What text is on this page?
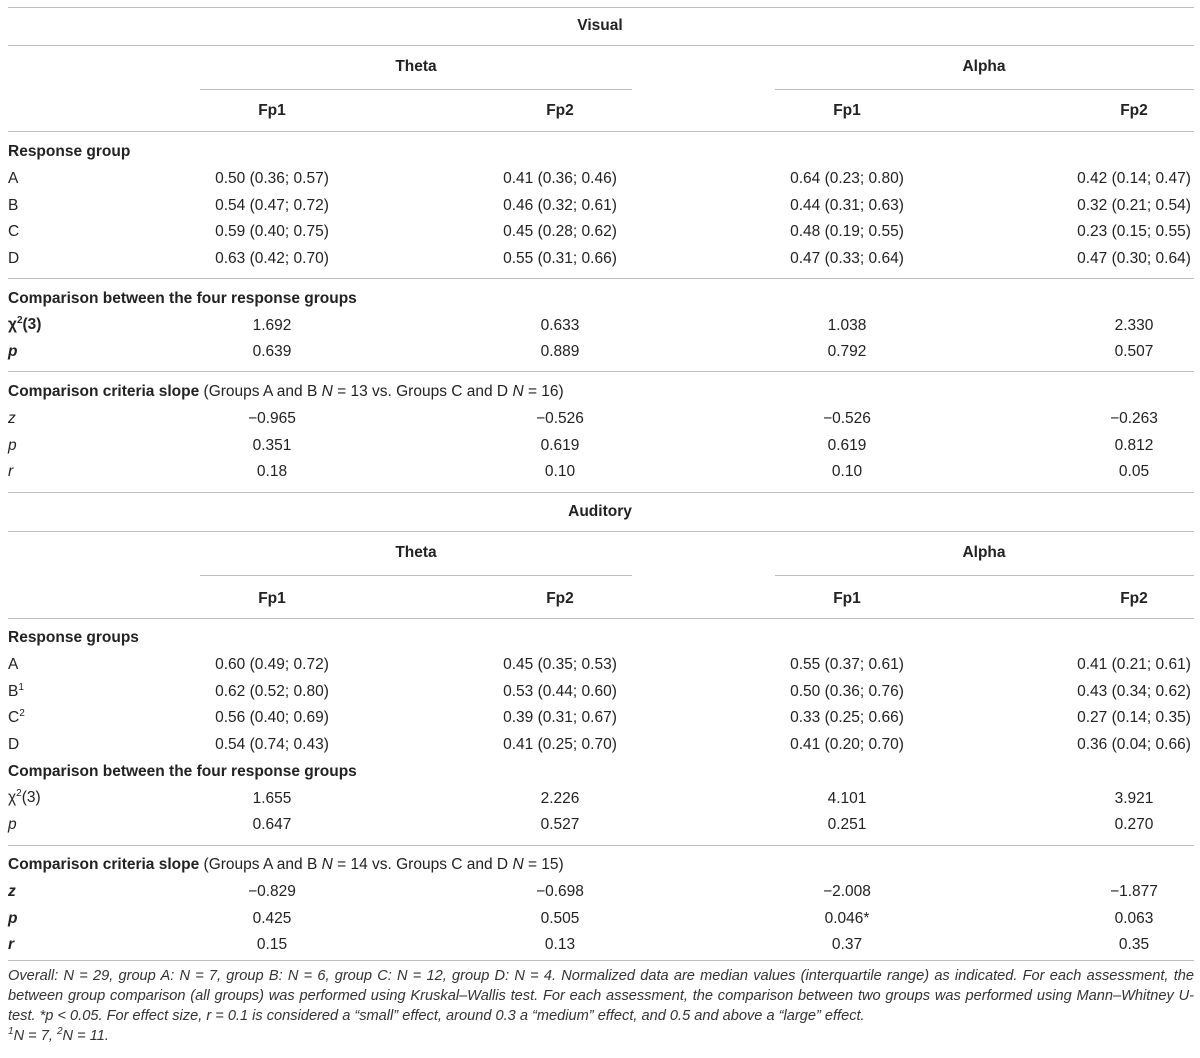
Visual
Theta	Alpha
Fp1	Fp2	Fp1	Fp2
Response group
A	0.50 (0.36; 0.57)	0.41 (0.36; 0.46)	0.64 (0.23; 0.80)	0.42 (0.14; 0.47)
B	0.54 (0.47; 0.72)	0.46 (0.32; 0.61)	0.44 (0.31; 0.63)	0.32 (0.21; 0.54)
C	0.59 (0.40; 0.75)	0.45 (0.28; 0.62)	0.48 (0.19; 0.55)	0.23 (0.15; 0.55)
D	0.63 (0.42; 0.70)	0.55 (0.31; 0.66)	0.47 (0.33; 0.64)	0.47 (0.30; 0.64)
Comparison between the four response groups
$\chi^2(3)$	1.692	0.633	1.038	2.330
p	0.639	0.889	0.792	0.507
Comparison criteria slope (Groups A and B N = 13 vs. Groups C and D N = 16)
z	−0.965	−0.526	−0.526	−0.263
p	0.351	0.619	0.619	0.812
r	0.18	0.10	0.10	0.05
Auditory
Theta	Alpha
Fp1	Fp2	Fp1	Fp2
Response groups
A	0.60 (0.49; 0.72)	0.45 (0.35; 0.53)	0.55 (0.37; 0.61)	0.41 (0.21; 0.61)
$B^1$	0.62 (0.52; 0.80)	0.53 (0.44; 0.60)	0.50 (0.36; 0.76)	0.43 (0.34; 0.62)
$C^2$	0.56 (0.40; 0.69)	0.39 (0.31; 0.67)	0.33 (0.25; 0.66)	0.27 (0.14; 0.35)
D	0.54 (0.74; 0.43)	0.41 (0.25; 0.70)	0.41 (0.20; 0.70)	0.36 (0.04; 0.66)
Comparison between the four response groups
$\chi^2(3)$	1.655	2.226	4.101	3.921
p	0.647	0.527	0.251	0.270
Comparison criteria slope (Groups A and B N = 14 vs. Groups C and D N = 15)
z	−0.829	−0.698	−2.008	−1.877
p	0.425	0.505	0.046*	0.063
r	0.15	0.13	0.37	0.35
Overall: N = 29, group A: N = 7, group B: N = 6, group C: N = 12, group D: N = 4. Normalized data are median values (interquartile range) as indicated. For each assessment, the between group comparison (all groups) was performed using Kruskal–Wallis test. For each assessment, the comparison between two groups was performed using Mann–Whitney U-test. *p < 0.05. For effect size, r = 0.1 is considered a “small” effect, around 0.3 a “medium” effect, and 0.5 and above a “large” effect.
$^1$N = 7, $^2$N = 11.
